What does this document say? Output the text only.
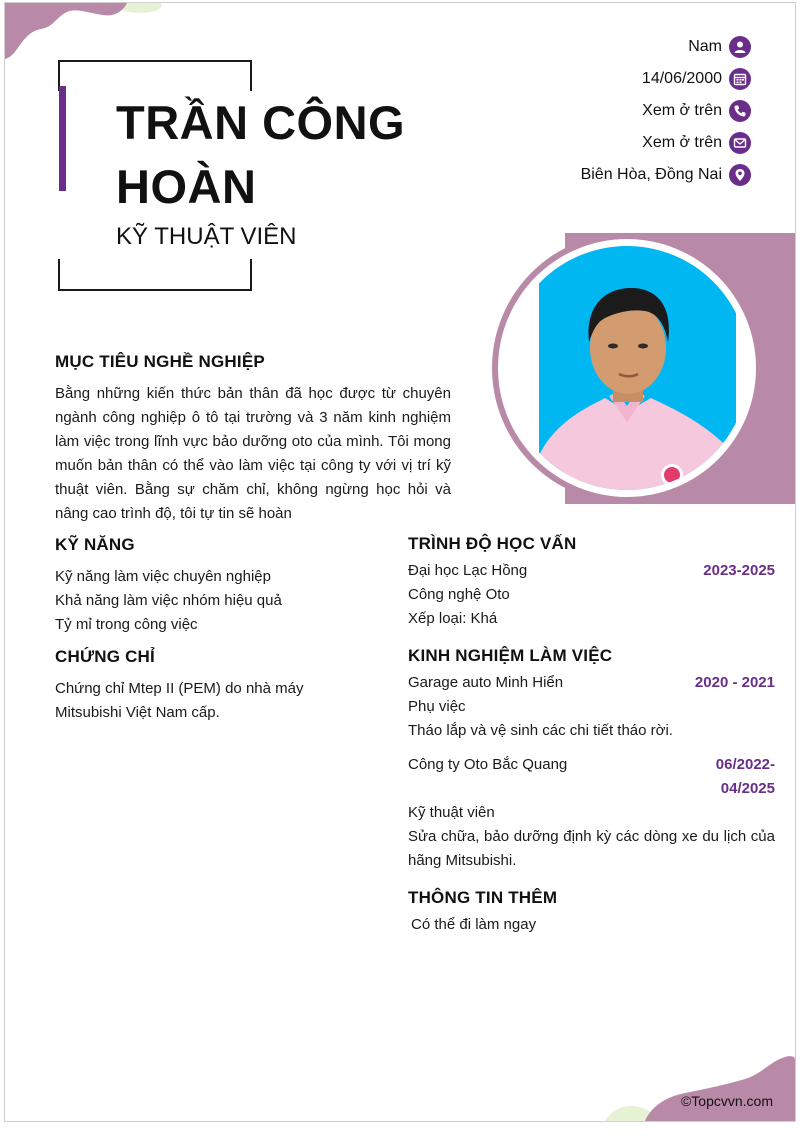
TRẦN CÔNG HOÀN
KỸ THUẬT VIÊN
Nam
14/06/2000
Xem ở trên
Xem ở trên
Biên Hòa, Đồng Nai
MỤC TIÊU NGHỀ NGHIỆP
Bằng những kiến thức bản thân đã học được từ chuyên ngành công nghiệp ô tô tại trường và 3 năm kinh nghiệm làm việc trong lĩnh vực bảo dưỡng oto của mình. Tôi mong muốn bản thân có thể vào làm việc tại công ty với vị trí kỹ thuật viên. Bằng sự chăm chỉ, không ngừng học hỏi và nâng cao trình độ, tôi tự tin sẽ hoàn
KỸ NĂNG
Kỹ năng làm việc chuyên nghiệp
Khả năng làm việc nhóm hiệu quả
Tỷ mỉ trong công việc
CHỨNG CHỈ
Chứng chỉ Mtep II (PEM) do nhà máy
Mitsubishi Việt Nam cấp.
TRÌNH ĐỘ HỌC VẤN
Đại học Lạc Hồng	2023-2025
Công nghệ Oto
Xếp loại: Khá
KINH NGHIỆM LÀM VIỆC
Garage auto Minh Hiển	2020 - 2021
Phụ việc
Tháo lắp và vệ sinh các chi tiết tháo rời.
Công ty Oto Bắc Quang	06/2022-
04/2025
Kỹ thuật viên
Sửa chữa, bảo dưỡng định kỳ các dòng xe du lịch của hãng Mitsubishi.
THÔNG TIN THÊM
Có thể đi làm ngay
©Topcvvn.com
